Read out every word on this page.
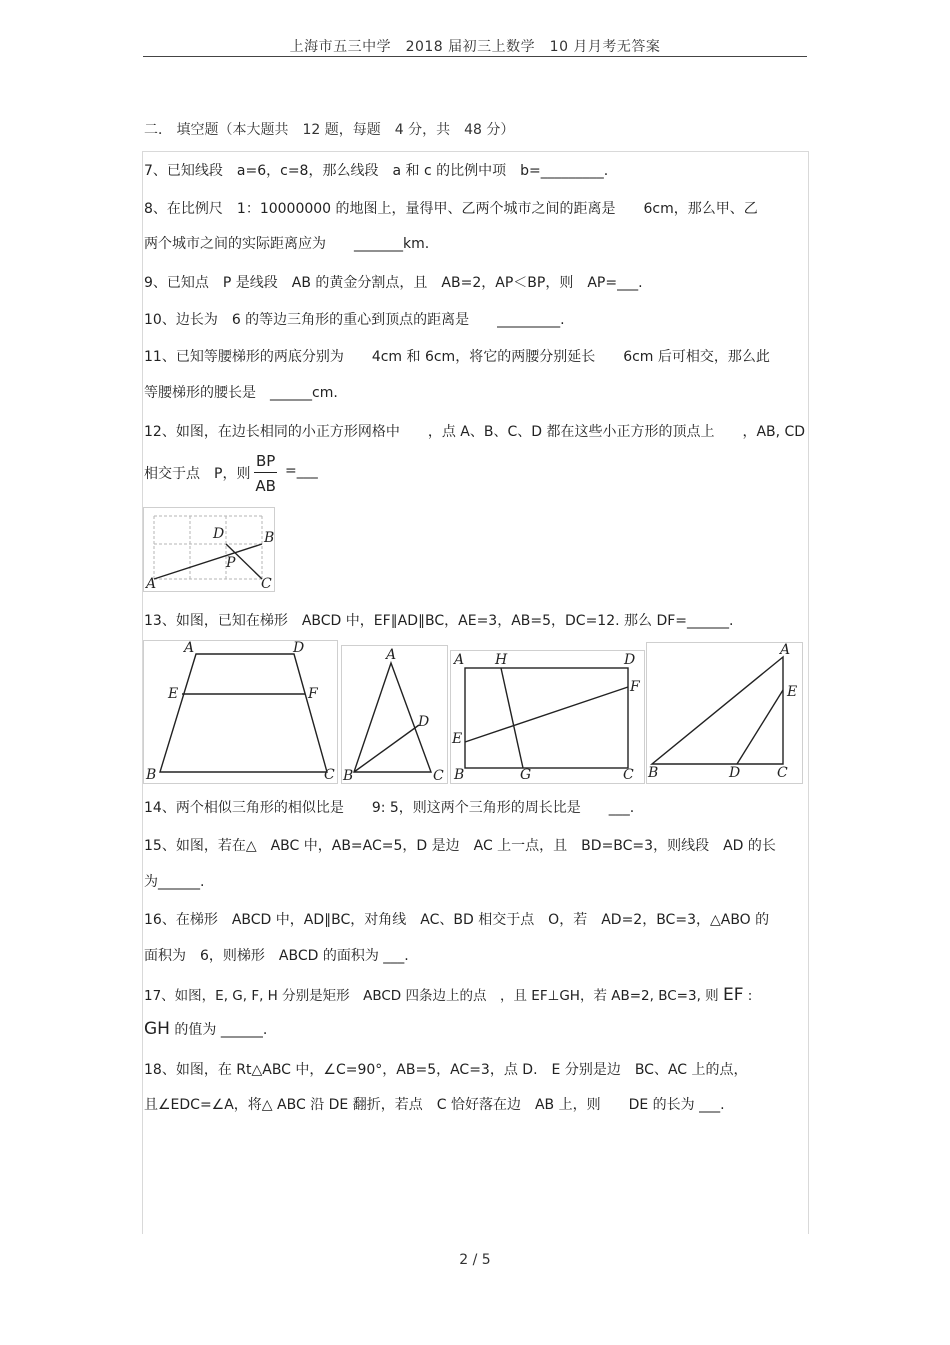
上海市五三中学　2018 届初三上数学　10 月月考无答案
二． 填空题（本大题共　12 题，每题　4 分，共　48 分）
7、已知线段　a=6，c=8，那么线段　a 和 c 的比例中项　b=_________.
8、在比例尺　1：10000000 的地图上，量得甲、乙两个城市之间的距离是　　6cm，那么甲、乙
两个城市之间的实际距离应为　　_______km.
9、已知点　P 是线段　AB 的黄金分割点，且　AB=2，AP＜BP，则　AP=___.
10、边长为　6 的等边三角形的重心到顶点的距离是　　_________.
11、已知等腰梯形的两底分别为　　4cm 和 6cm，将它的两腰分别延长　　6cm 后可相交，那么此
等腰梯形的腰长是　______cm.
12、如图，在边长相同的小正方形网格中　　，点 A、B、C、D 都在这些小正方形的顶点上　　，AB, CD
相交于点　P，则 $\frac{BP}{AB}$ =___
A
B
C
D
P
13、如图，已知在梯形　ABCD 中，EF∥AD∥BC，AE=3，AB=5，DC=12. 那么 DF=______.
A	D
E	F
B	C
A
D
B	C
A H	D
F
E
B	G	C
A
E
B	D	C
14、两个相似三角形的相似比是　　9: 5，则这两个三角形的周长比是　　___.
15、如图，若在△　ABC 中，AB=AC=5，D 是边　AC 上一点，且　BD=BC=3，则线段　AD 的长
为______.
16、在梯形　ABCD 中，AD∥BC，对角线　AC、BD 相交于点　O，若　AD=2，BC=3，△ABO 的
面积为　6，则梯形　ABCD 的面积为 ___.
17、如图，E, G, F, H 分别是矩形　ABCD 四条边上的点　，且 EF⊥GH，若 AB=2, BC=3, 则 EF :
GH 的值为 ______.
18、如图，在 Rt△ABC 中，∠C=90°，AB=5，AC=3，点 D.　E 分别是边　BC、AC 上的点，
且∠EDC=∠A，将△ ABC 沿 DE 翻折，若点　C 恰好落在边　AB 上，则　　DE 的长为 ___.
2 / 5
